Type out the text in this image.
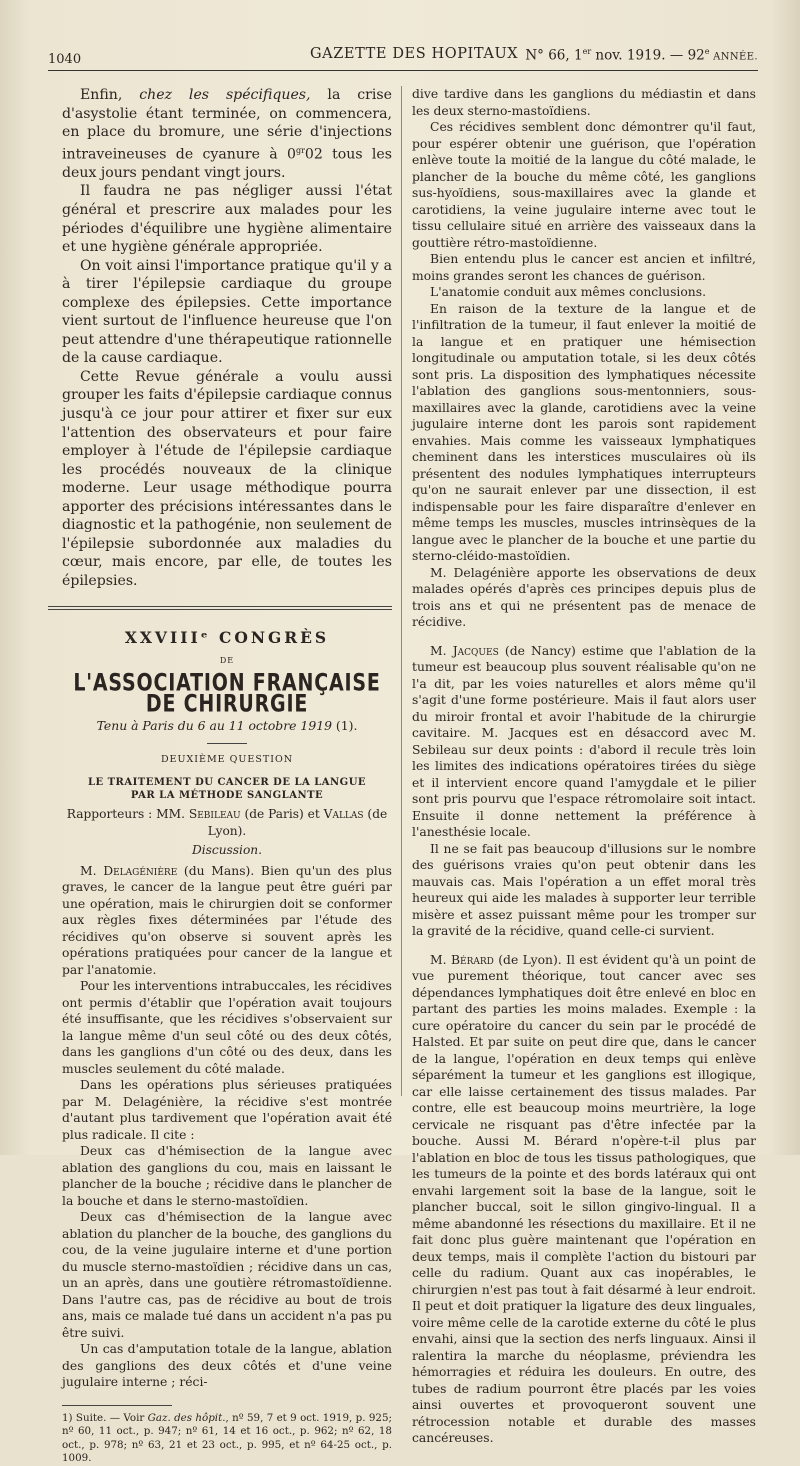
1040	GAZETTE DES HOPITAUX N° 66, 1er nov. 1919. — 92e ANNÉE.

Enfin, chez les spécifiques, la crise d'asystolie étant terminée, on commencera, en place du bromure, une série d'injections intraveineuses de cyanure à $0^{gr}02$ tous les deux jours pendant vingt jours.

Il faudra ne pas négliger aussi l'état général et prescrire aux malades pour les périodes d'équilibre une hygiène alimentaire et une hygiène générale appropriée.

On voit ainsi l'importance pratique qu'il y a à tirer l'épilepsie cardiaque du groupe complexe des épilepsies. Cette importance vient surtout de l'influence heureuse que l'on peut attendre d'une thérapeutique rationnelle de la cause cardiaque.

Cette Revue générale a voulu aussi grouper les faits d'épilepsie cardiaque connus jusqu'à ce jour pour attirer et fixer sur eux l'attention des observateurs et pour faire employer à l'étude de l'épilepsie cardiaque les procédés nouveaux de la clinique moderne. Leur usage méthodique pourra apporter des précisions intéressantes dans le diagnostic et la pathogénie, non seulement de l'épilepsie subordonnée aux maladies du cœur, mais encore, par elle, de toutes les épilepsies.

XXVIIIᵉ CONGRÈS
DE
L'ASSOCIATION FRANÇAISE DE CHIRURGIE
Tenu à Paris du 6 au 11 octobre 1919 (1).
DEUXIÈME QUESTION
LE TRAITEMENT DU CANCER DE LA LANGUE
PAR LA MÉTHODE SANGLANTE
Rapporteurs : MM. Sebileau (de Paris) et Vallas (de Lyon).
Discussion.

M. Delagénière (du Mans). Bien qu'un des plus graves, le cancer de la langue peut être guéri par une opération, mais le chirurgien doit se conformer aux règles fixes déterminées par l'étude des récidives qu'on observe si souvent après les opérations pratiquées pour cancer de la langue et par l'anatomie.

Pour les interventions intrabuccales, les récidives ont permis d'établir que l'opération avait toujours été insuffisante, que les récidives s'observaient sur la langue même d'un seul côté ou des deux côtés, dans les ganglions d'un côté ou des deux, dans les muscles seulement du côté malade.

Dans les opérations plus sérieuses pratiquées par M. Delagénière, la récidive s'est montrée d'autant plus tardivement que l'opération avait été plus radicale. Il cite :

Deux cas d'hémisection de la langue avec ablation des ganglions du cou, mais en laissant le plancher de la bouche ; récidive dans le plancher de la bouche et dans le sterno-mastoïdien.

Deux cas d'hémisection de la langue avec ablation du plancher de la bouche, des ganglions du cou, de la veine jugulaire interne et d'une portion du muscle sterno-mastoïdien ; récidive dans un cas, un an après, dans une goutière rétromastoïdienne. Dans l'autre cas, pas de récidive au bout de trois ans, mais ce malade tué dans un accident n'a pas pu être suivi.

Un cas d'amputation totale de la langue, ablation des ganglions des deux côtés et d'une veine jugulaire interne ; réci-

1) Suite. — Voir Gaz. des hôpit., nº 59, 7 et 9 oct. 1919, p. 925; nº 60, 11 oct., p. 947; nº 61, 14 et 16 oct., p. 962; nº 62, 18 oct., p. 978; nº 63, 21 et 23 oct., p. 995, et nº 64-25 oct., p. 1009.

dive tardive dans les ganglions du médiastin et dans les deux sterno-mastoïdiens.

Ces récidives semblent donc démontrer qu'il faut, pour espérer obtenir une guérison, que l'opération enlève toute la moitié de la langue du côté malade, le plancher de la bouche du même côté, les ganglions sus-hyoïdiens, sous-maxillaires avec la glande et carotidiens, la veine jugulaire interne avec tout le tissu cellulaire situé en arrière des vaisseaux dans la gouttière rétro-mastoïdienne.

Bien entendu plus le cancer est ancien et infiltré, moins grandes seront les chances de guérison.

L'anatomie conduit aux mêmes conclusions.

En raison de la texture de la langue et de l'infiltration de la tumeur, il faut enlever la moitié de la langue et en pratiquer une hémisection longitudinale ou amputation totale, si les deux côtés sont pris. La disposition des lymphatiques nécessite l'ablation des ganglions sous-mentonniers, sous-maxillaires avec la glande, carotidiens avec la veine jugulaire interne dont les parois sont rapidement envahies. Mais comme les vaisseaux lymphatiques cheminent dans les interstices musculaires où ils présentent des nodules lymphatiques interrupteurs qu'on ne saurait enlever par une dissection, il est indispensable pour les faire disparaître d'enlever en même temps les muscles, muscles intrinsèques de la langue avec le plancher de la bouche et une partie du sterno-cléido-mastoïdien.

M. Delagénière apporte les observations de deux malades opérés d'après ces principes depuis plus de trois ans et qui ne présentent pas de menace de récidive.

M. Jacques (de Nancy) estime que l'ablation de la tumeur est beaucoup plus souvent réalisable qu'on ne l'a dit, par les voies naturelles et alors même qu'il s'agit d'une forme postérieure. Mais il faut alors user du miroir frontal et avoir l'habitude de la chirurgie cavitaire. M. Jacques est en désaccord avec M. Sebileau sur deux points : d'abord il recule très loin les limites des indications opératoires tirées du siège et il intervient encore quand l'amygdale et le pilier sont pris pourvu que l'espace rétromolaire soit intact. Ensuite il donne nettement la préférence à l'anesthésie locale.

Il ne se fait pas beaucoup d'illusions sur le nombre des guérisons vraies qu'on peut obtenir dans les mauvais cas. Mais l'opération a un effet moral très heureux qui aide les malades à supporter leur terrible misère et assez puissant même pour les tromper sur la gravité de la récidive, quand celle-ci survient.

M. Bérard (de Lyon). Il est évident qu'à un point de vue purement théorique, tout cancer avec ses dépendances lymphatiques doit être enlevé en bloc en partant des parties les moins malades. Exemple : la cure opératoire du cancer du sein par le procédé de Halsted. Et par suite on peut dire que, dans le cancer de la langue, l'opération en deux temps qui enlève séparément la tumeur et les ganglions est illogique, car elle laisse certainement des tissus malades. Par contre, elle est beaucoup moins meurtrière, la loge cervicale ne risquant pas d'être infectée par la bouche. Aussi M. Bérard n'opère-t-il plus par l'ablation en bloc de tous les tissus pathologiques, que les tumeurs de la pointe et des bords latéraux qui ont envahi largement soit la base de la langue, soit le plancher buccal, soit le sillon gingivo-lingual. Il a même abandonné les résections du maxillaire. Et il ne fait donc plus guère maintenant que l'opération en deux temps, mais il complète l'action du bistouri par celle du radium. Quant aux cas inopérables, le chirurgien n'est pas tout à fait désarmé à leur endroit. Il peut et doit pratiquer la ligature des deux linguales, voire même celle de la carotide externe du côté le plus envahi, ainsi que la section des nerfs linguaux. Ainsi il ralentira la marche du néoplasme, préviendra les hémorragies et réduira les douleurs. En outre, des tubes de radium pourront être placés par les voies ainsi ouvertes et provoqueront souvent une rétrocession notable et durable des masses cancéreuses.
